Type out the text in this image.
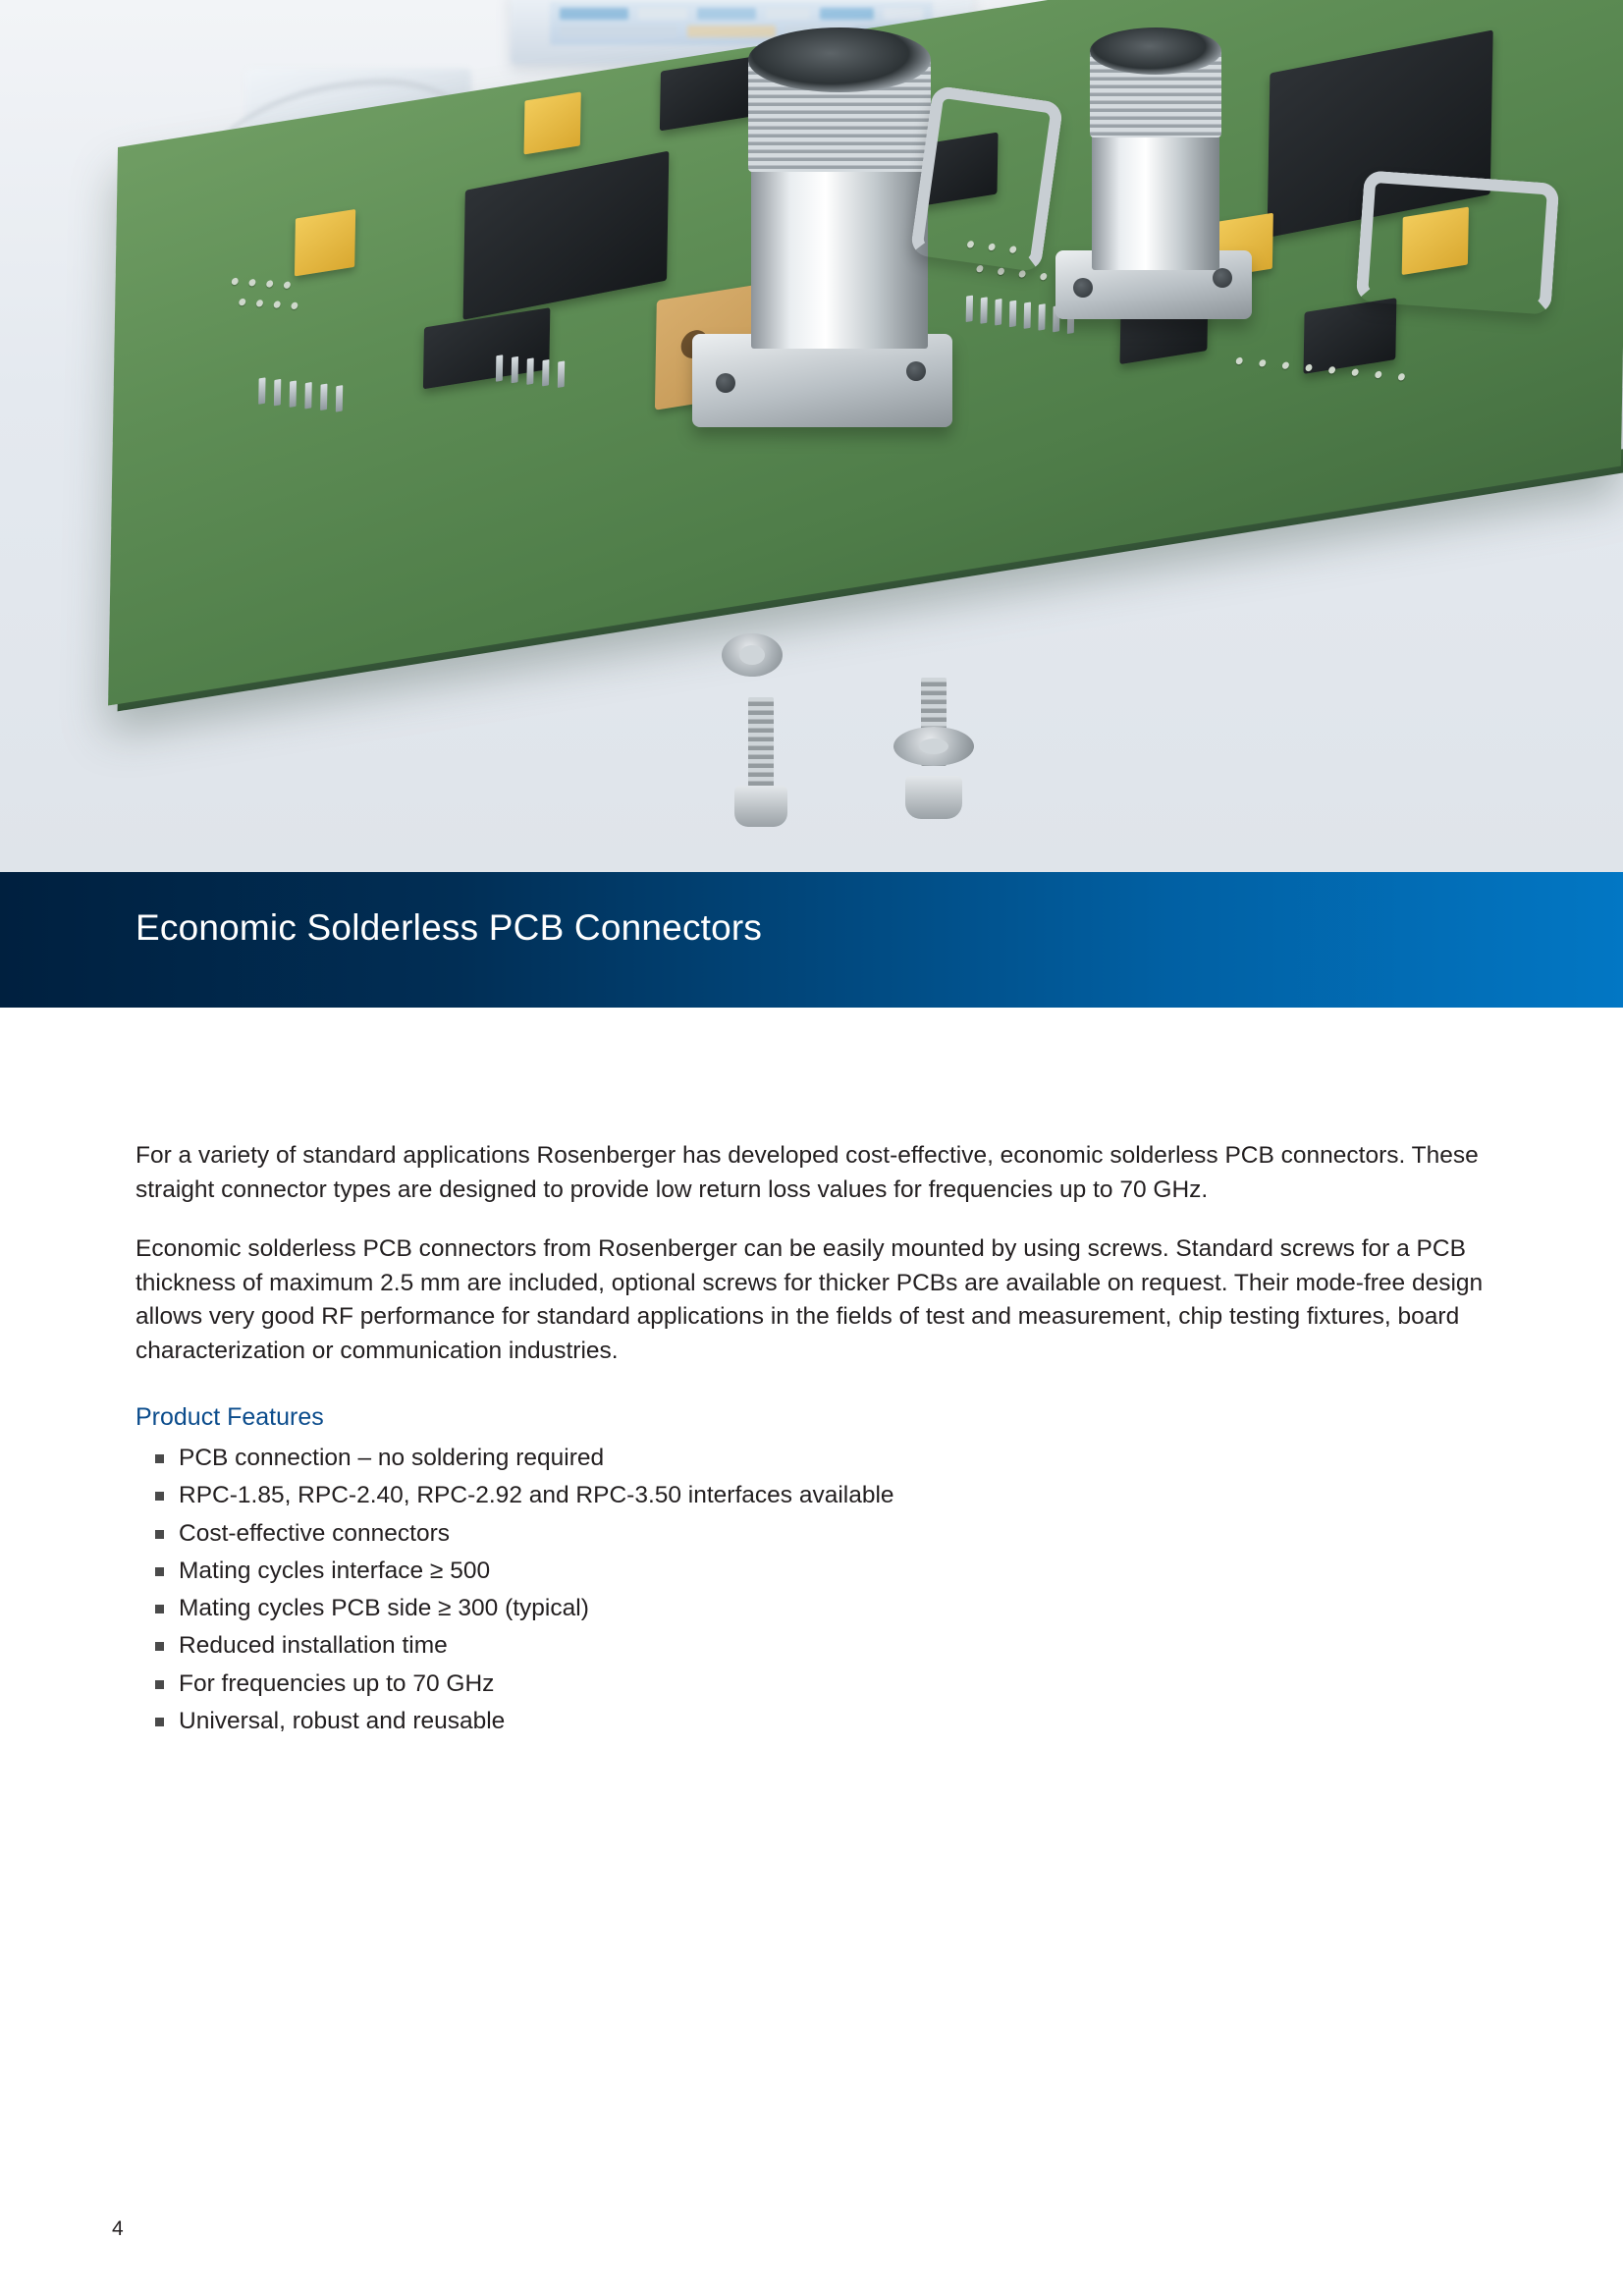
Economic Solderless PCB Connectors

For a variety of standard applications Rosenberger has developed cost-effective, economic solderless PCB connectors. These straight connector types are designed to provide low return loss values for frequencies up to 70 GHz.

Economic solderless PCB connectors from Rosenberger can be easily mounted by using screws. Standard screws for a PCB thickness of maximum 2.5 mm are included, optional screws for thicker PCBs are available on request. Their mode-free design allows very good RF performance for standard applications in the fields of test and measurement, chip testing fixtures, board characterization or communication industries.

Product Features
PCB connection – no soldering required
RPC-1.85, RPC-2.40, RPC-2.92 and RPC-3.50 interfaces available
Cost-effective connectors
Mating cycles interface ≥ 500
Mating cycles PCB side ≥ 300 (typical)
Reduced installation time
For frequencies up to 70 GHz
Universal, robust and reusable
4
